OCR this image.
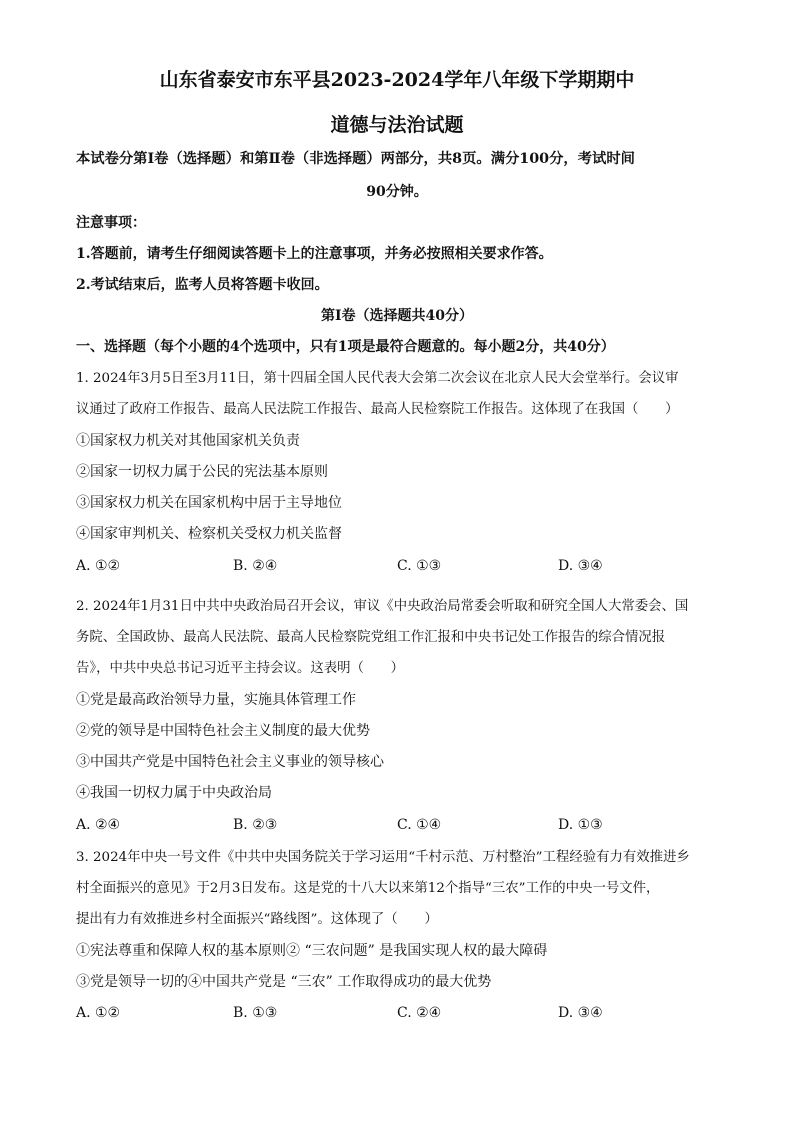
山东省泰安市东平县2023-2024学年八年级下学期期中
道德与法治试题
本试卷分第Ⅰ卷（选择题）和第Ⅱ卷（非选择题）两部分，共8页。满分100分，考试时间
90分钟。
注意事项：
1.答题前，请考生仔细阅读答题卡上的注意事项，并务必按照相关要求作答。
2.考试结束后，监考人员将答题卡收回。
第Ⅰ卷（选择题共40分）
一、选择题（每个小题的4个选项中，只有1项是最符合题意的。每小题2分，共40分）
1. 2024年3月5日至3月11日，第十四届全国人民代表大会第二次会议在北京人民大会堂举行。会议审
议通过了政府工作报告、最高人民法院工作报告、最高人民检察院工作报告。这体现了在我国（　　）
①国家权力机关对其他国家机关负责
②国家一切权力属于公民的宪法基本原则
③国家权力机关在国家机构中居于主导地位
④国家审判机关、检察机关受权力机关监督
A. ①②	B. ②④	C. ①③	D. ③④
2. 2024年1月31日中共中央政治局召开会议，审议《中央政治局常委会听取和研究全国人大常委会、国
务院、全国政协、最高人民法院、最高人民检察院党组工作汇报和中央书记处工作报告的综合情况报
告》，中共中央总书记习近平主持会议。这表明（　　）
①党是最高政治领导力量，实施具体管理工作
②党的领导是中国特色社会主义制度的最大优势
③中国共产党是中国特色社会主义事业的领导核心
④我国一切权力属于中央政治局
A. ②④	B. ②③	C. ①④	D. ①③
3. 2024年中央一号文件《中共中央国务院关于学习运用“千村示范、万村整治”工程经验有力有效推进乡
村全面振兴的意见》于2月3日发布。这是党的十八大以来第12个指导“三农”工作的中央一号文件，
提出有力有效推进乡村全面振兴“路线图”。这体现了（　　）
①宪法尊重和保障人权的基本原则② “三农问题” 是我国实现人权的最大障碍
③党是领导一切的④中国共产党是 “三农” 工作取得成功的最大优势
A. ①②	B. ①③	C. ②④	D. ③④
